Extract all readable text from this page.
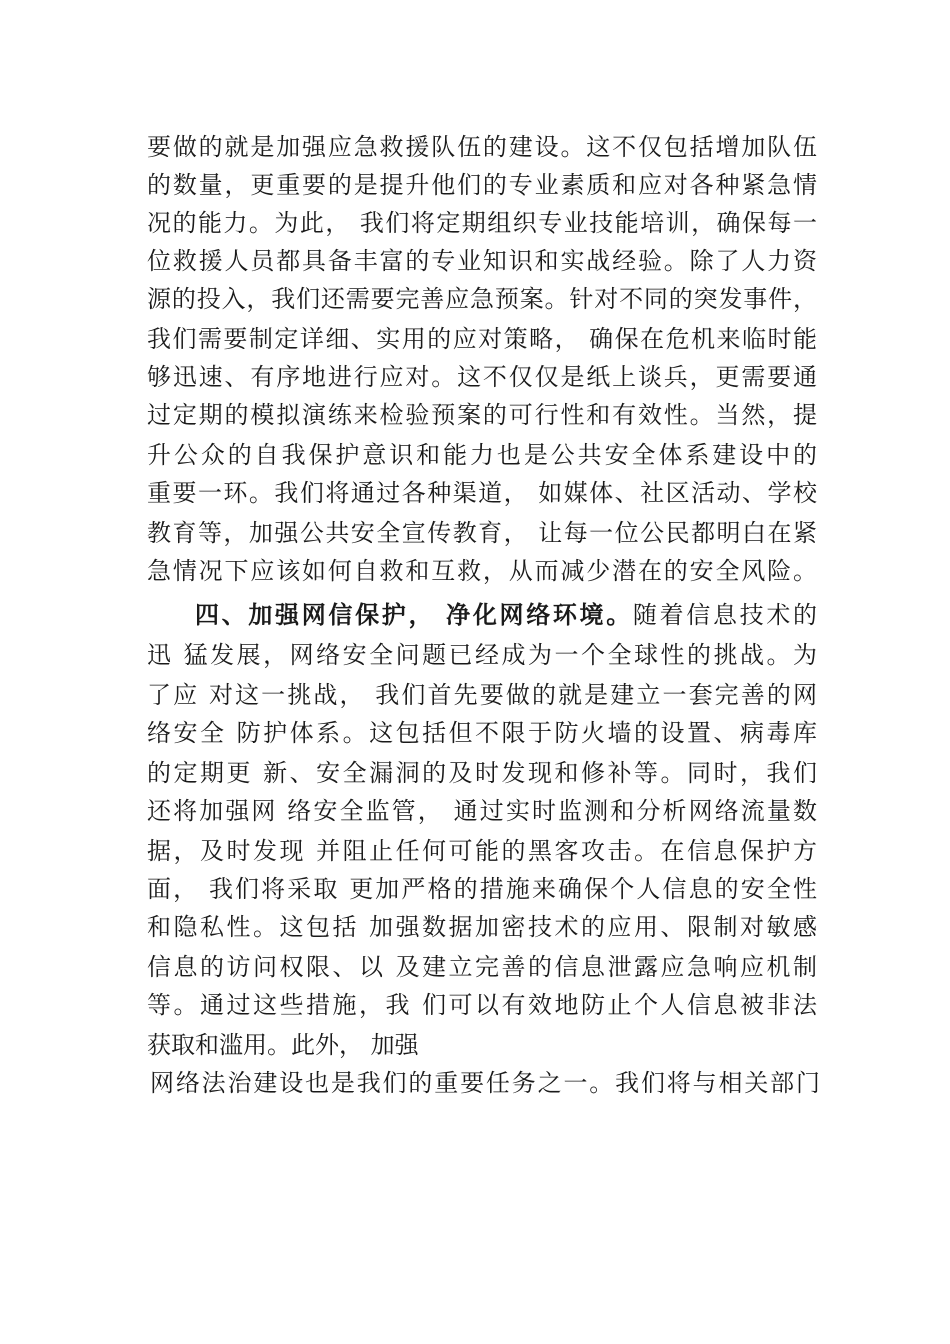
要做的就是加强应急救援队伍的建设。这不仅包括增加队伍
的数量，更重要的是提升他们的专业素质和应对各种紧急情
况的能力。为此， 我们将定期组织专业技能培训，确保每一
位救援人员都具备丰富的专业知识和实战经验。除了人力资
源的投入，我们还需要完善应急预案。针对不同的突发事件，
我们需要制定详细、实用的应对策略， 确保在危机来临时能
够迅速、有序地进行应对。这不仅仅是纸上谈兵，更需要通
过定期的模拟演练来检验预案的可行性和有效性。当然，提
升公众的自我保护意识和能力也是公共安全体系建设中的
重要一环。我们将通过各种渠道， 如媒体、社区活动、学校
教育等，加强公共安全宣传教育， 让每一位公民都明白在紧
急情况下应该如何自救和互救，从而减少潜在的安全风险。
四、加强网信保护， 净化网络环境。随着信息技术的
迅 猛发展，网络安全问题已经成为一个全球性的挑战。为
了应 对这一挑战， 我们首先要做的就是建立一套完善的网
络安全 防护体系。这包括但不限于防火墙的设置、病毒库
的定期更 新、安全漏洞的及时发现和修补等。同时，我们
还将加强网 络安全监管， 通过实时监测和分析网络流量数
据，及时发现 并阻止任何可能的黑客攻击。在信息保护方
面， 我们将采取 更加严格的措施来确保个人信息的安全性
和隐私性。这包括 加强数据加密技术的应用、限制对敏感
信息的访问权限、以 及建立完善的信息泄露应急响应机制
等。通过这些措施，我 们可以有效地防止个人信息被非法
获取和滥用。此外， 加强
网络法治建设也是我们的重要任务之一。我们将与相关部门
